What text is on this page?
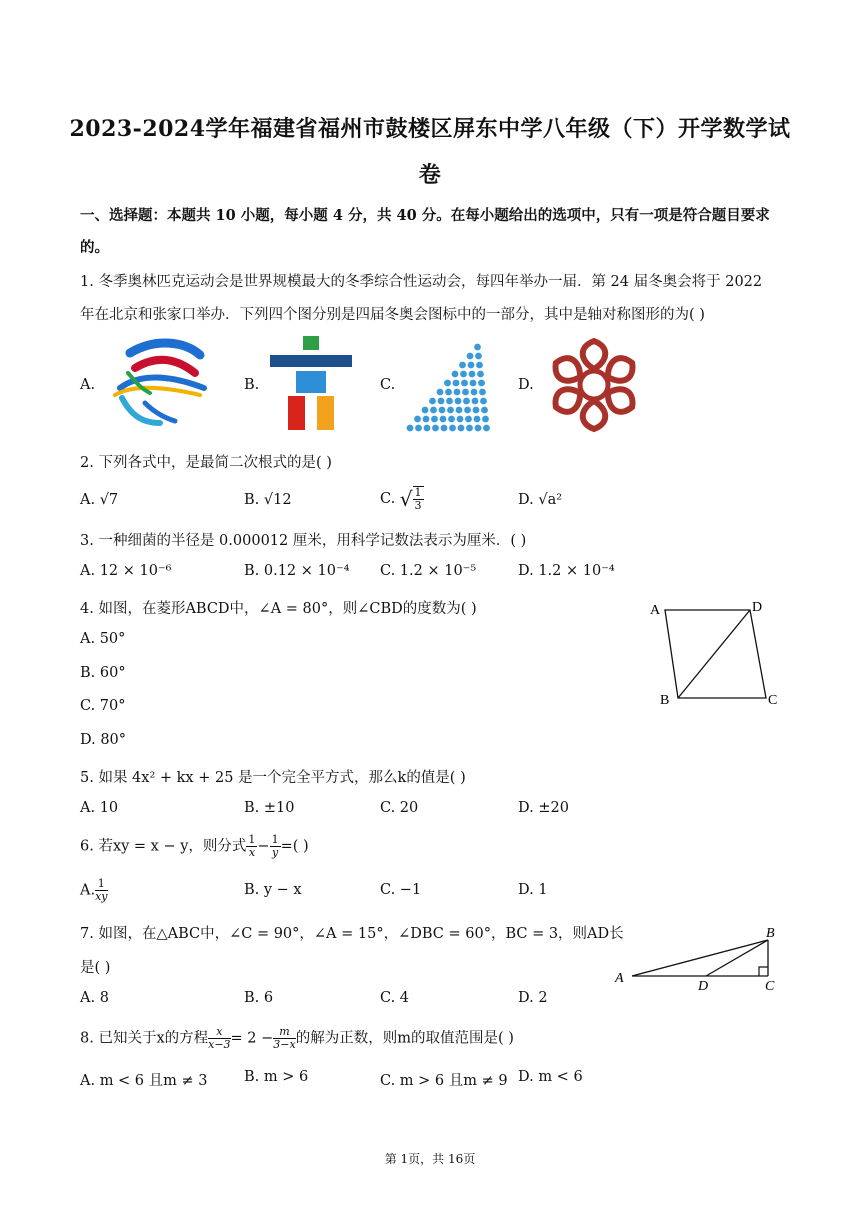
2023-2024学年福建省福州市鼓楼区屏东中学八年级（下）开学数学试
卷
一、选择题：本题共 10 小题，每小题 4 分，共 40 分。在每小题给出的选项中，只有一项是符合题目要求
的。
1. 冬季奥林匹克运动会是世界规模最大的冬季综合性运动会，每四年举办一届．第 24 届冬奥会将于 2022
年在北京和张家口举办．下列四个图分别是四届冬奥会图标中的一部分，其中是轴对称图形的为( )
A.	B.	C.	D.
2. 下列各式中，是最简二次根式的是( )
A. √7	B. √12	C. √ $\frac{1}{3}$	D. √a²
3. 一种细菌的半径是 0.000012 厘米，用科学记数法表示为厘米．( )
A. 12 × 10⁻⁶	B. 0.12 × 10⁻⁴ C. 1.2 × 10⁻⁵	D. 1.2 × 10⁻⁴
4. 如图，在菱形ABCD中，∠A = 80°，则∠CBD的度数为( )
A. 50°
B. 60°
C. 70°
D. 80°
A	D
B	C
5. 如果 4x² + kx + 25 是一个完全平方式，那么k的值是( )
A. 10	B. ±10	C. 20	D. ±20
6. 若xy = x − y，则分式 $\frac{1}{x} - \frac{1}{y}$ =( )
A. $\frac{1}{xy}$	B. y − x	C. −1	D. 1
7. 如图，在△ABC中，∠C = 90°，∠A = 15°，∠DBC = 60°，BC = 3，则AD长
是( )
A. 8	B. 6	C. 4	D. 2
A
B
C
D
8. 已知关于x的方程 $\frac{x}{x-3} = 2 - \frac{m}{3-x}$ 的解为正数，则m的取值范围是( )
A. m < 6 且m ≠ 3	B. m > 6	C. m > 6 且m ≠ 9 D. m < 6
第 1页，共 16页
